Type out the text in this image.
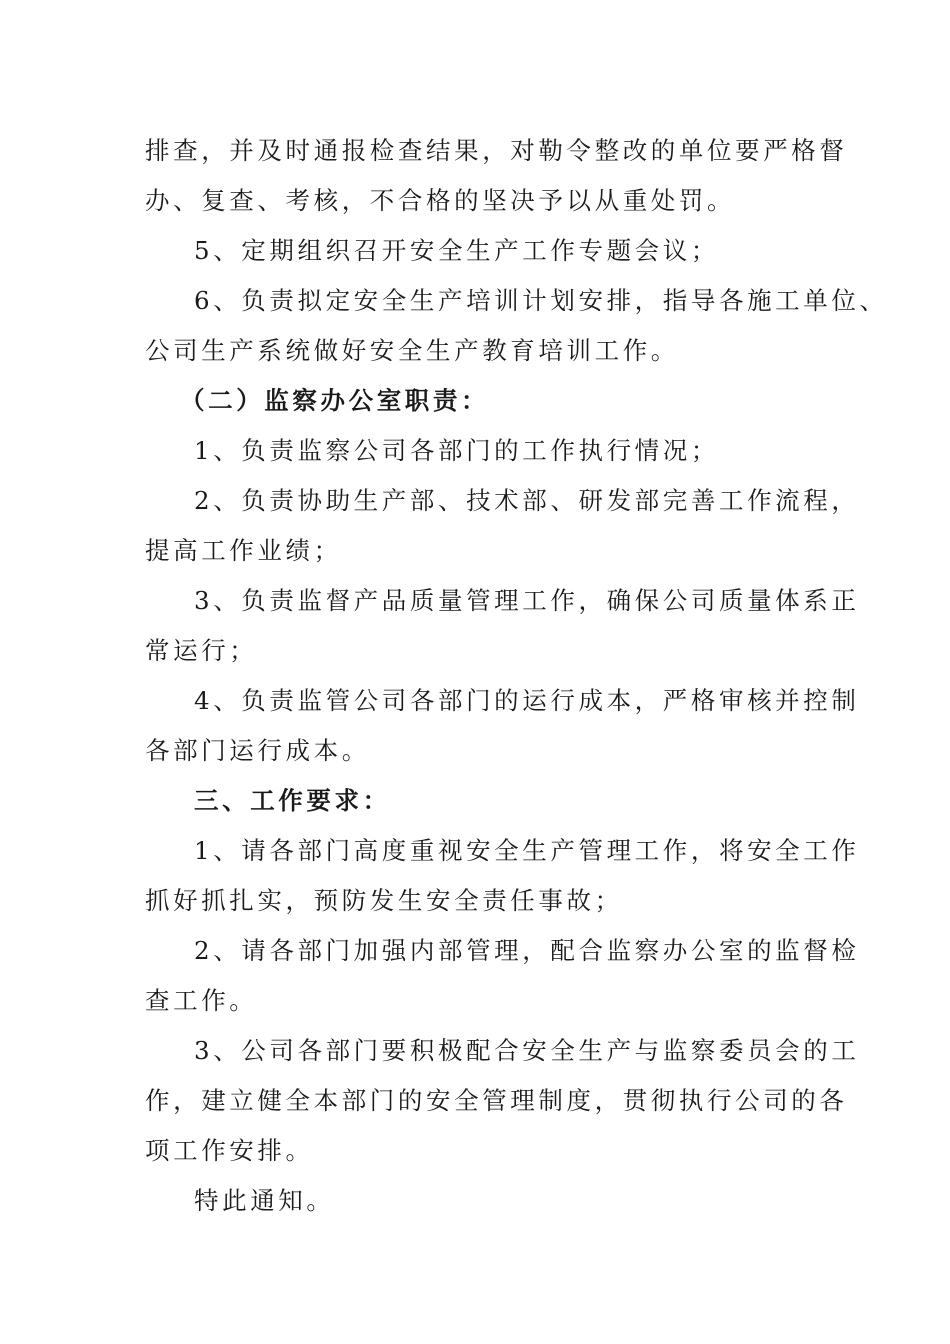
排查，并及时通报检查结果，对勒令整改的单位要严格督
办、复查、考核，不合格的坚决予以从重处罚。
5、定期组织召开安全生产工作专题会议；
6、负责拟定安全生产培训计划安排，指导各施工单位、
公司生产系统做好安全生产教育培训工作。
（二）监察办公室职责：
1、负责监察公司各部门的工作执行情况；
2、负责协助生产部、技术部、研发部完善工作流程，
提高工作业绩；
3、负责监督产品质量管理工作，确保公司质量体系正
常运行；
4、负责监管公司各部门的运行成本，严格审核并控制
各部门运行成本。
三、工作要求：
1、请各部门高度重视安全生产管理工作，将安全工作
抓好抓扎实，预防发生安全责任事故；
2、请各部门加强内部管理，配合监察办公室的监督检
查工作。
3、公司各部门要积极配合安全生产与监察委员会的工
作，建立健全本部门的安全管理制度，贯彻执行公司的各
项工作安排。
特此通知。
